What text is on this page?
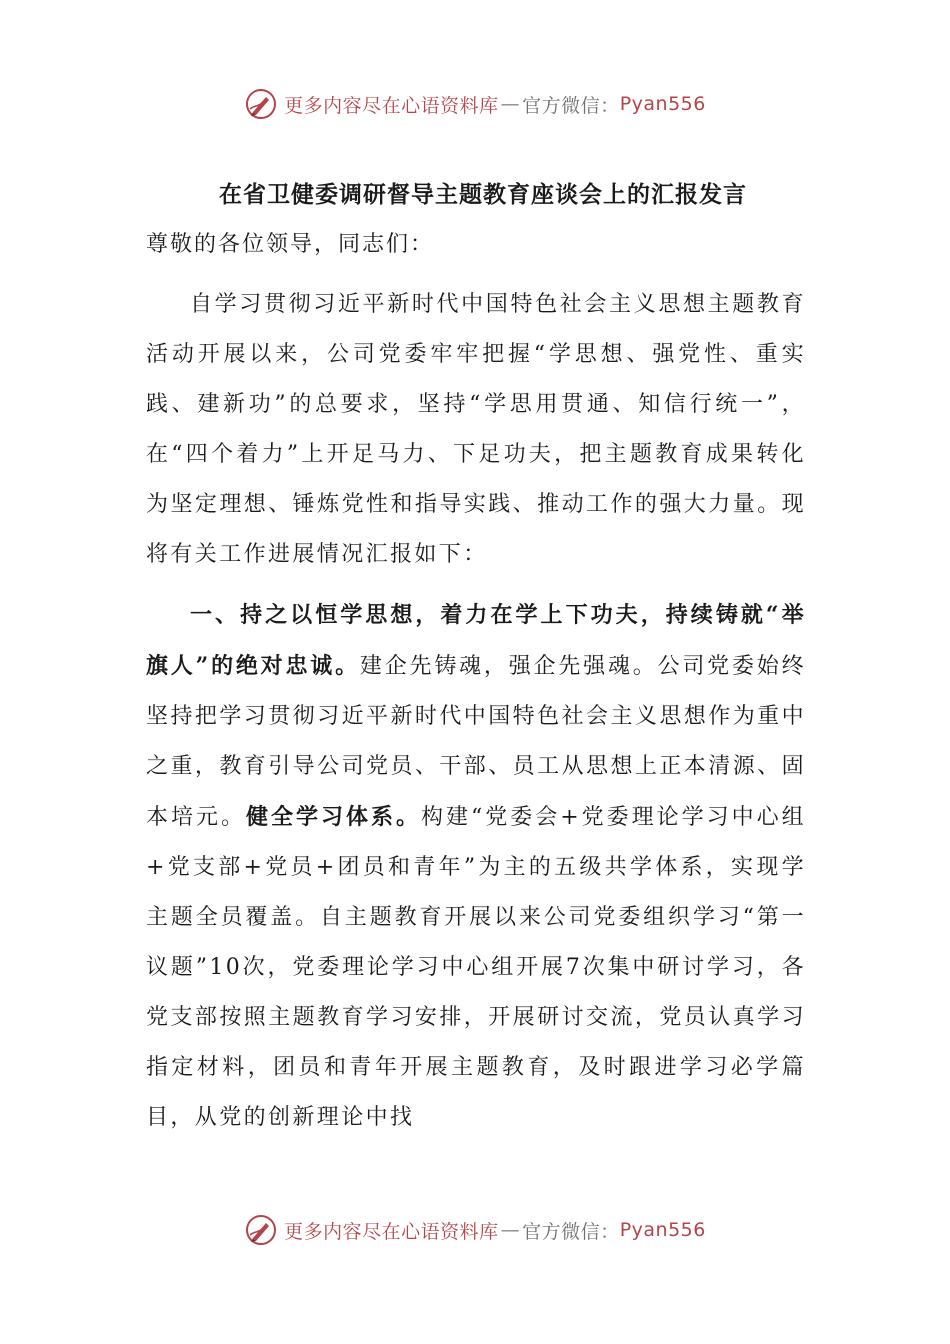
更多内容尽在心语资料库 — 官方微信： Pyan556
在省卫健委调研督导主题教育座谈会上的汇报发言
尊敬的各位领导，同志们：

自学习贯彻习近平新时代中国特色社会主义思想主题教育活动开展以来，公司党委牢牢把握“学思想、强党性、重实践、建新功”的总要求，坚持“学思用贯通、知信行统一”，在“四个着力”上开足马力、下足功夫，把主题教育成果转化为坚定理想、锤炼党性和指导实践、推动工作的强大力量。现将有关工作进展情况汇报如下：

一、持之以恒学思想，着力在学上下功夫，持续铸就“举旗人”的绝对忠诚。建企先铸魂，强企先强魂。公司党委始终坚持把学习贯彻习近平新时代中国特色社会主义思想作为重中之重，教育引导公司党员、干部、员工从思想上正本清源、固本培元。健全学习体系。构建“党委会+党委理论学习中心组+党支部+党员+团员和青年”为主的五级共学体系，实现学主题全员覆盖。自主题教育开展以来公司党委组织学习“第一议题”10次，党委理论学习中心组开展7次集中研讨学习，各党支部按照主题教育学习安排，开展研讨交流，党员认真学习指定材料，团员和青年开展主题教育，及时跟进学习必学篇目，从党的创新理论中找

更多内容尽在心语资料库 — 官方微信： Pyan556
